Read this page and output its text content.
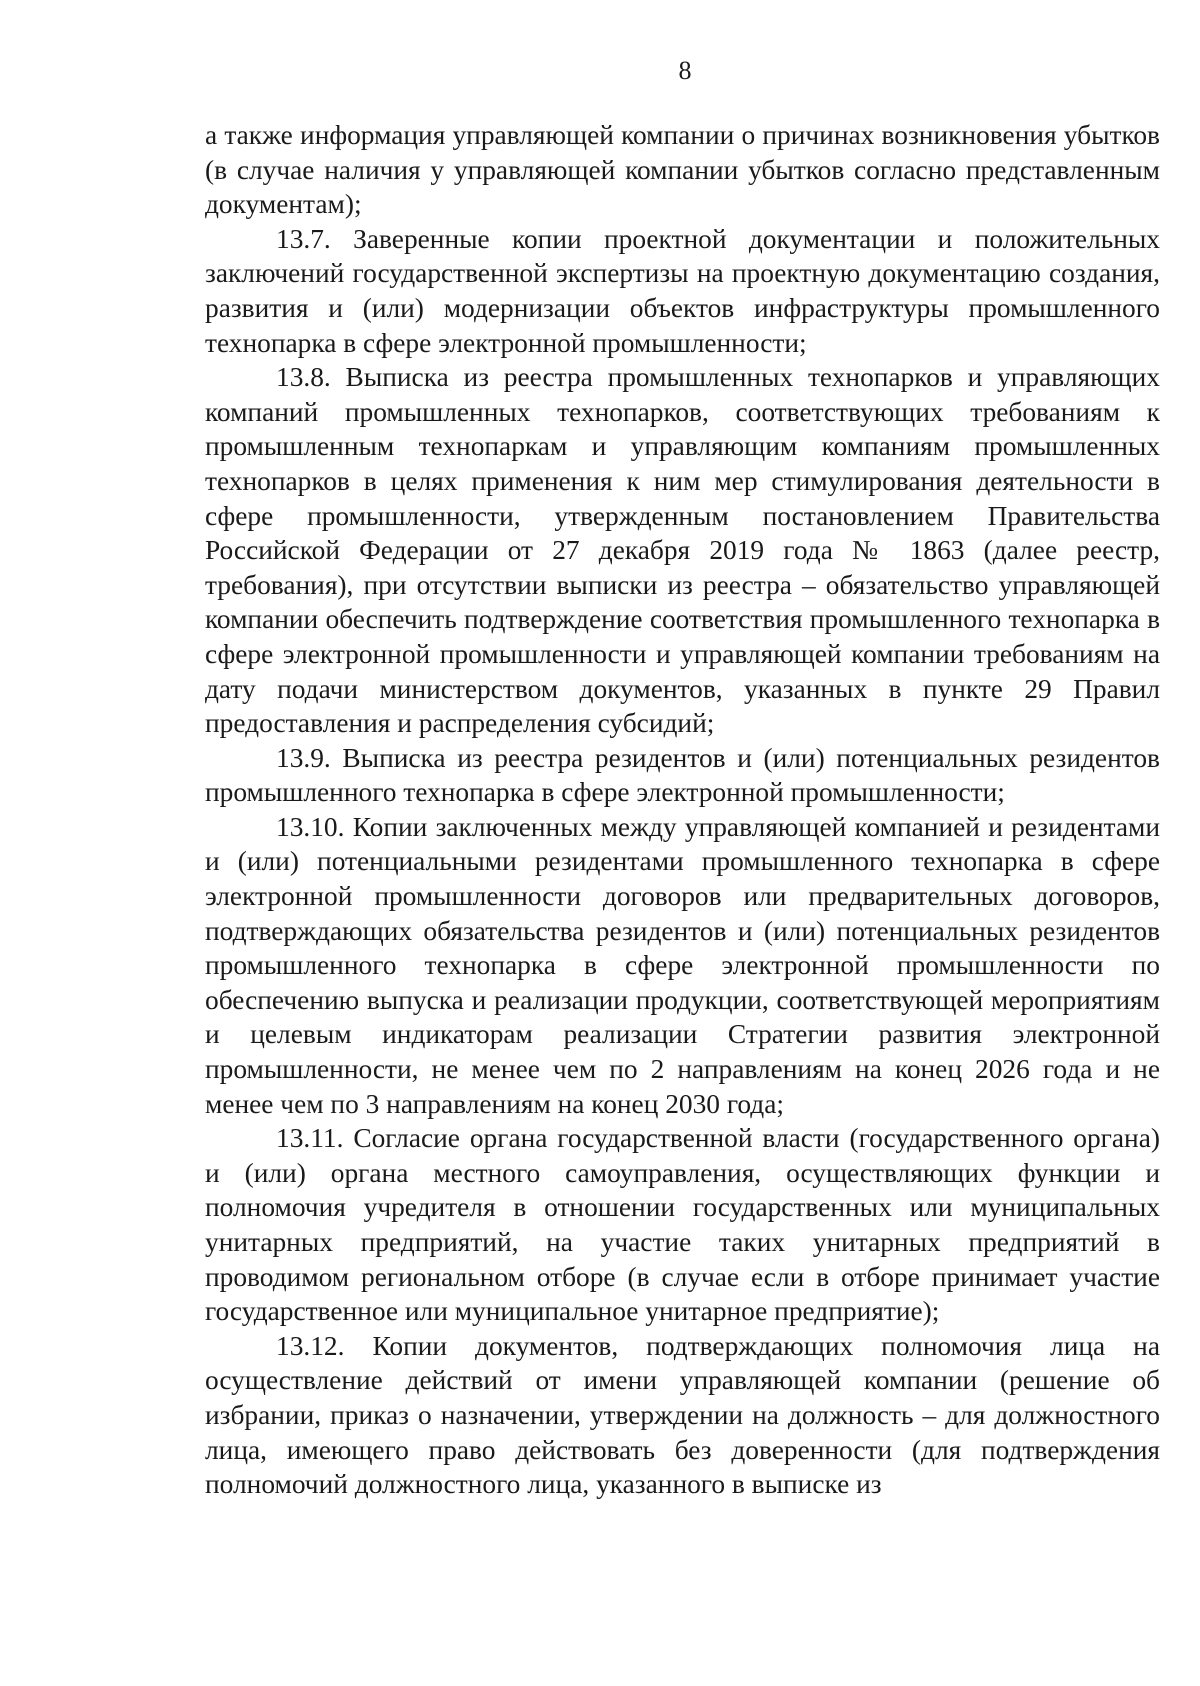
8

а также информация управляющей компании о причинах возникновения убытков (в случае наличия у управляющей компании убытков согласно представленным документам);

13.7. Заверенные копии проектной документации и положительных заключений государственной экспертизы на проектную документацию создания, развития и (или) модернизации объектов инфраструктуры промышленного технопарка в сфере электронной промышленности;

13.8. Выписка из реестра промышленных технопарков и управляющих компаний промышленных технопарков, соответствующих требованиям к промышленным технопаркам и управляющим компаниям промышленных технопарков в целях применения к ним мер стимулирования деятельности в сфере промышленности, утвержденным постановлением Правительства Российской Федерации от 27 декабря 2019 года № 1863 (далее реестр, требования), при отсутствии выписки из реестра – обязательство управляющей компании обеспечить подтверждение соответствия промышленного технопарка в сфере электронной промышленности и управляющей компании требованиям на дату подачи министерством документов, указанных в пункте 29 Правил предоставления и распределения субсидий;

13.9. Выписка из реестра резидентов и (или) потенциальных резидентов промышленного технопарка в сфере электронной промышленности;

13.10. Копии заключенных между управляющей компанией и резидентами и (или) потенциальными резидентами промышленного технопарка в сфере электронной промышленности договоров или предварительных договоров, подтверждающих обязательства резидентов и (или) потенциальных резидентов промышленного технопарка в сфере электронной промышленности по обеспечению выпуска и реализации продукции, соответствующей мероприятиям и целевым индикаторам реализации Стратегии развития электронной промышленности, не менее чем по 2 направлениям на конец 2026 года и не менее чем по 3 направлениям на конец 2030 года;

13.11. Согласие органа государственной власти (государственного органа) и (или) органа местного самоуправления, осуществляющих функции и полномочия учредителя в отношении государственных или муниципальных унитарных предприятий, на участие таких унитарных предприятий в проводимом региональном отборе (в случае если в отборе принимает участие государственное или муниципальное унитарное предприятие);

13.12. Копии документов, подтверждающих полномочия лица на осуществление действий от имени управляющей компании (решение об избрании, приказ о назначении, утверждении на должность – для должностного лица, имеющего право действовать без доверенности (для подтверждения полномочий должностного лица, указанного в выписке из
